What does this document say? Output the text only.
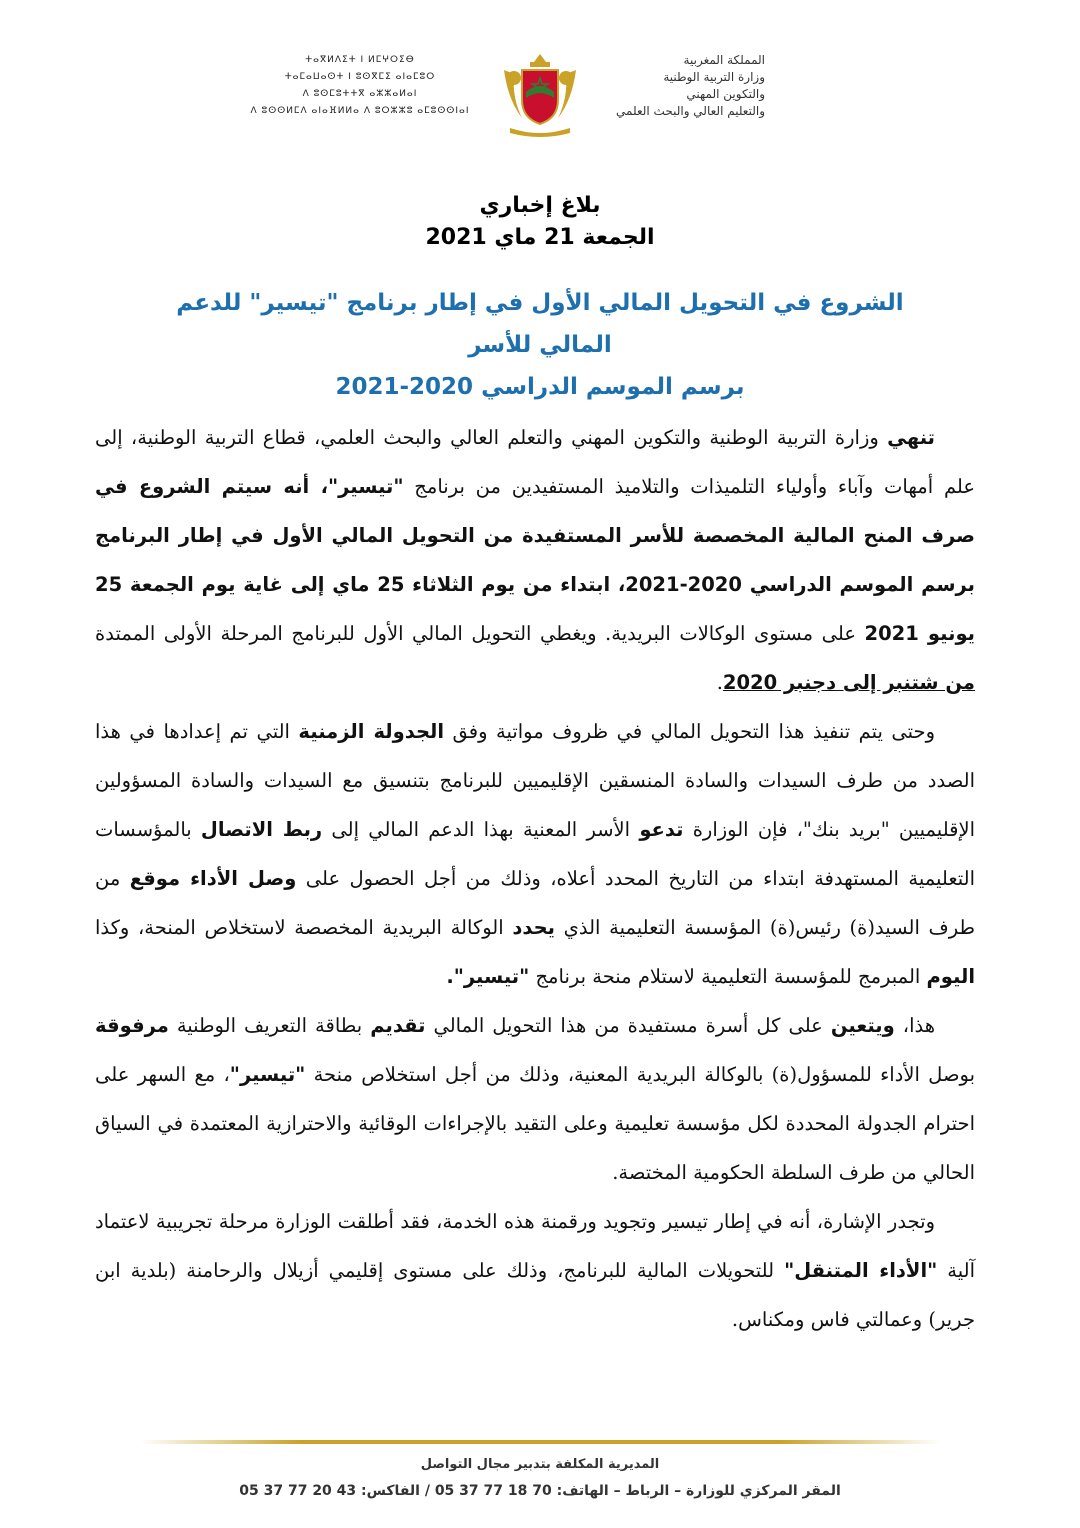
ⵜⴰⴳⵍⴷⵉⵜ ⵏ ⵍⵎⵖⵔⵉⴱ
ⵜⴰⵎⴰⵡⴰⵙⵜ ⵏ ⵓⵙⴳⵎⵉ ⴰⵏⴰⵎⵓⵔ
ⴷ ⵓⵙⵎⵓⵜⵜⴳ ⴰⵣⵣⴰⵍⴰⵏ
ⴷ ⵓⵙⵙⵍⵎⴷ ⴰⵏⴰⴼⵍⵍⴰ ⴷ ⵓⵔⵣⵣⵓ ⴰⵎⵓⵙⵙⵏⴰⵏ
المملكة المغربية
وزارة التربية الوطنية
والتكوين المهني
والتعليم العالي والبحث العلمي
بلاغ إخباري
الجمعة 21 ماي 2021
الشروع في التحويل المالي الأول في إطار برنامج "تيسير" للدعم المالي للأسر
برسم الموسم الدراسي 2020-2021

تنهي وزارة التربية الوطنية والتكوين المهني والتعلم العالي والبحث العلمي، قطاع التربية الوطنية، إلى علم أمهات وآباء وأولياء التلميذات والتلاميذ المستفيدين من برنامج "تيسير"، أنه سيتم الشروع في صرف المنح المالية المخصصة للأسر المستفيدة من التحويل المالي الأول في إطار البرنامج برسم الموسم الدراسي 2020-2021، ابتداء من يوم الثلاثاء 25 ماي إلى غاية يوم الجمعة 25 يونيو 2021 على مستوى الوكالات البريدية. ويغطي التحويل المالي الأول للبرنامج المرحلة الأولى الممتدة من شتنبر إلى دجنبر 2020.

وحتى يتم تنفيذ هذا التحويل المالي في ظروف مواتية وفق الجدولة الزمنية التي تم إعدادها في هذا الصدد من طرف السيدات والسادة المنسقين الإقليميين للبرنامج بتنسيق مع السيدات والسادة المسؤولين الإقليميين "بريد بنك"، فإن الوزارة تدعو الأسر المعنية بهذا الدعم المالي إلى ربط الاتصال بالمؤسسات التعليمية المستهدفة ابتداء من التاريخ المحدد أعلاه، وذلك من أجل الحصول على وصل الأداء موقع من طرف السيد(ة) رئيس(ة) المؤسسة التعليمية الذي يحدد الوكالة البريدية المخصصة لاستخلاص المنحة، وكذا اليوم المبرمج للمؤسسة التعليمية لاستلام منحة برنامج "تيسير".

هذا، ويتعين على كل أسرة مستفيدة من هذا التحويل المالي تقديم بطاقة التعريف الوطنية مرفوقة بوصل الأداء للمسؤول(ة) بالوكالة البريدية المعنية، وذلك من أجل استخلاص منحة "تيسير"، مع السهر على احترام الجدولة المحددة لكل مؤسسة تعليمية وعلى التقيد بالإجراءات الوقائية والاحترازية المعتمدة في السياق الحالي من طرف السلطة الحكومية المختصة.

وتجدر الإشارة، أنه في إطار تيسير وتجويد ورقمنة هذه الخدمة، فقد أطلقت الوزارة مرحلة تجريبية لاعتماد آلية "الأداء المتنقل" للتحويلات المالية للبرنامج، وذلك على مستوى إقليمي أزيلال والرحامنة (بلدية ابن جرير) وعمالتي فاس ومكناس.

المديرية المكلفة بتدبير مجال التواصل
المقر المركزي للوزارة – الرباط – الهاتف: 70 18 77 37 05 / الفاكس: 43 20 77 37 05
